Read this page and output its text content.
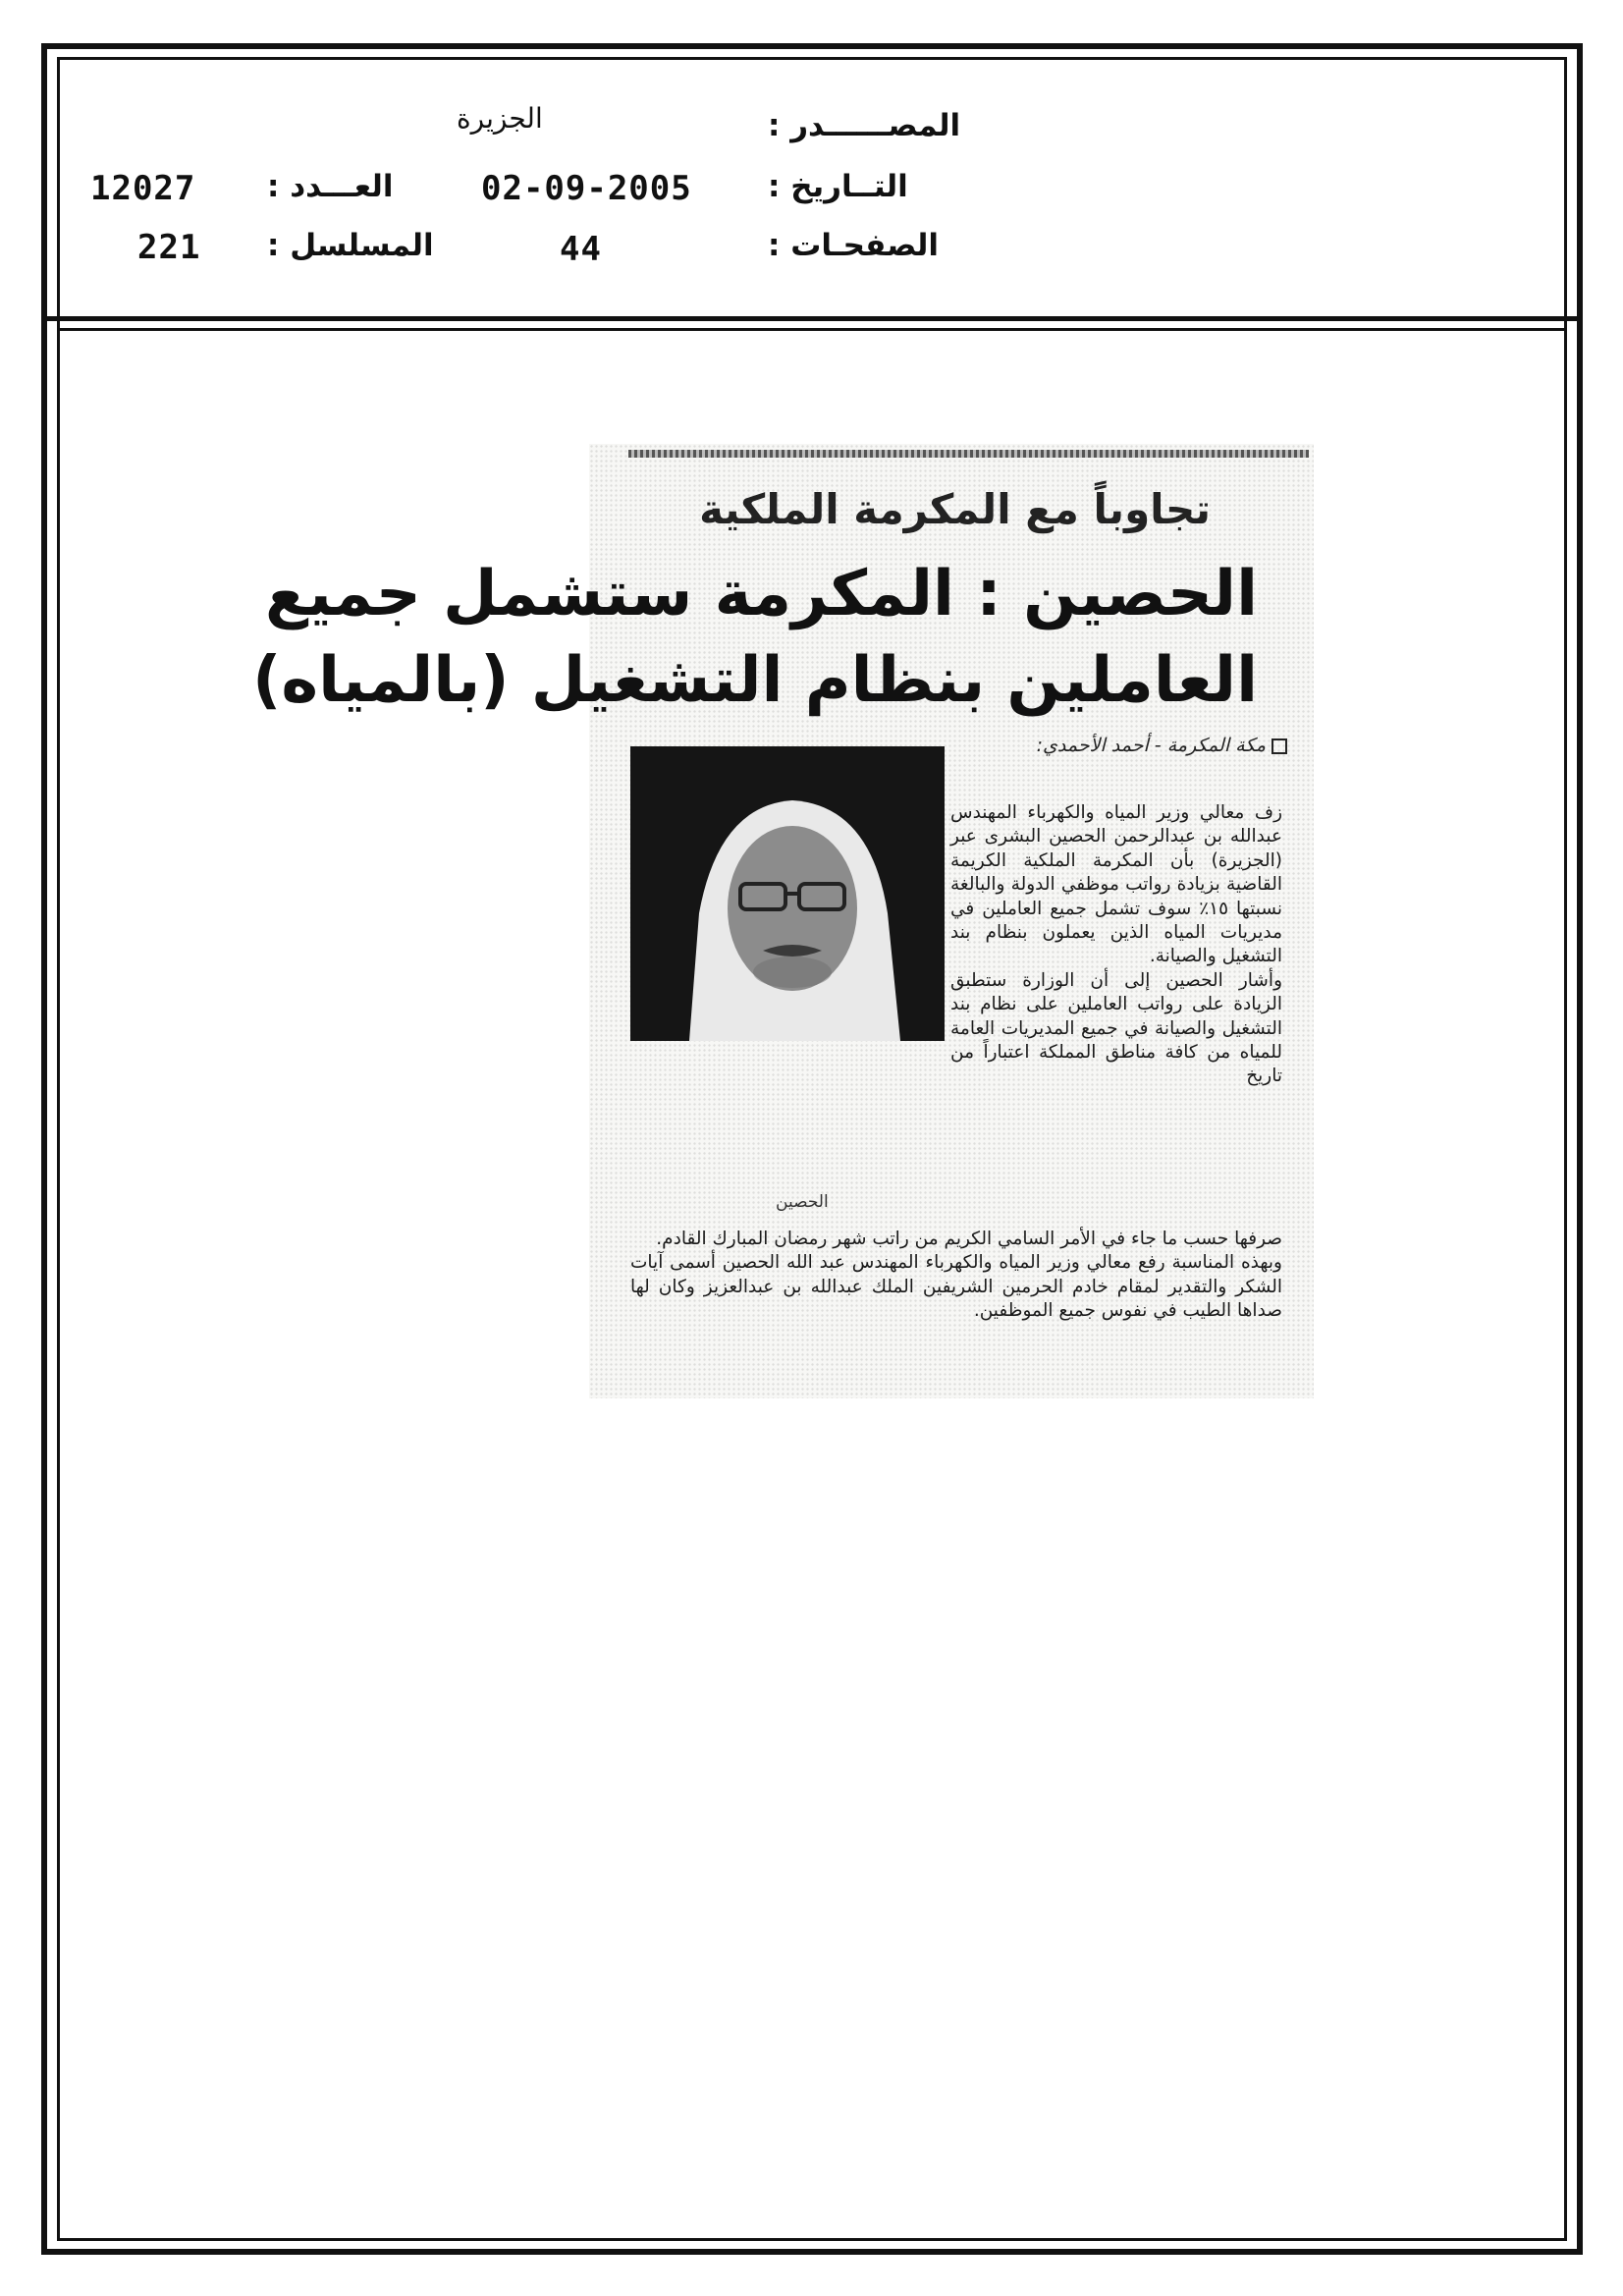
المصــــــدر :
الجزيرة
التــاريخ :
02-09-2005
العـــدد :
12027
الصفحـات :
44
المسلسل :
221
تجاوباً مع المكرمة الملكية
الحصين : المكرمة ستشمل جميع
العاملين بنظام التشغيل (بالمياه)
مكة المكرمة - أحمد الأحمدي:

زف معالي وزير المياه والكهرباء المهندس عبدالله بن عبدالرحمن الحصين البشرى عبر (الجزيرة) بأن المكرمة الملكية الكريمة القاضية بزيادة رواتب موظفي الدولة والبالغة نسبتها ١٥٪ سوف تشمل جميع العاملين في مديريات المياه الذين يعملون بنظام بند التشغيل والصيانة.

وأشار الحصين إلى أن الوزارة ستطبق الزيادة على رواتب العاملين على نظام بند التشغيل والصيانة في جميع المديريات العامة للمياه من كافة مناطق المملكة اعتباراً من تاريخ

الحصين

صرفها حسب ما جاء في الأمر السامي الكريم من راتب شهر رمضان المبارك القادم.

وبهذه المناسبة رفع معالي وزير المياه والكهرباء المهندس عبد الله الحصين أسمى آيات الشكر والتقدير لمقام خادم الحرمين الشريفين الملك عبدالله بن عبدالعزيز وكان لها صداها الطيب في نفوس جميع الموظفين.
